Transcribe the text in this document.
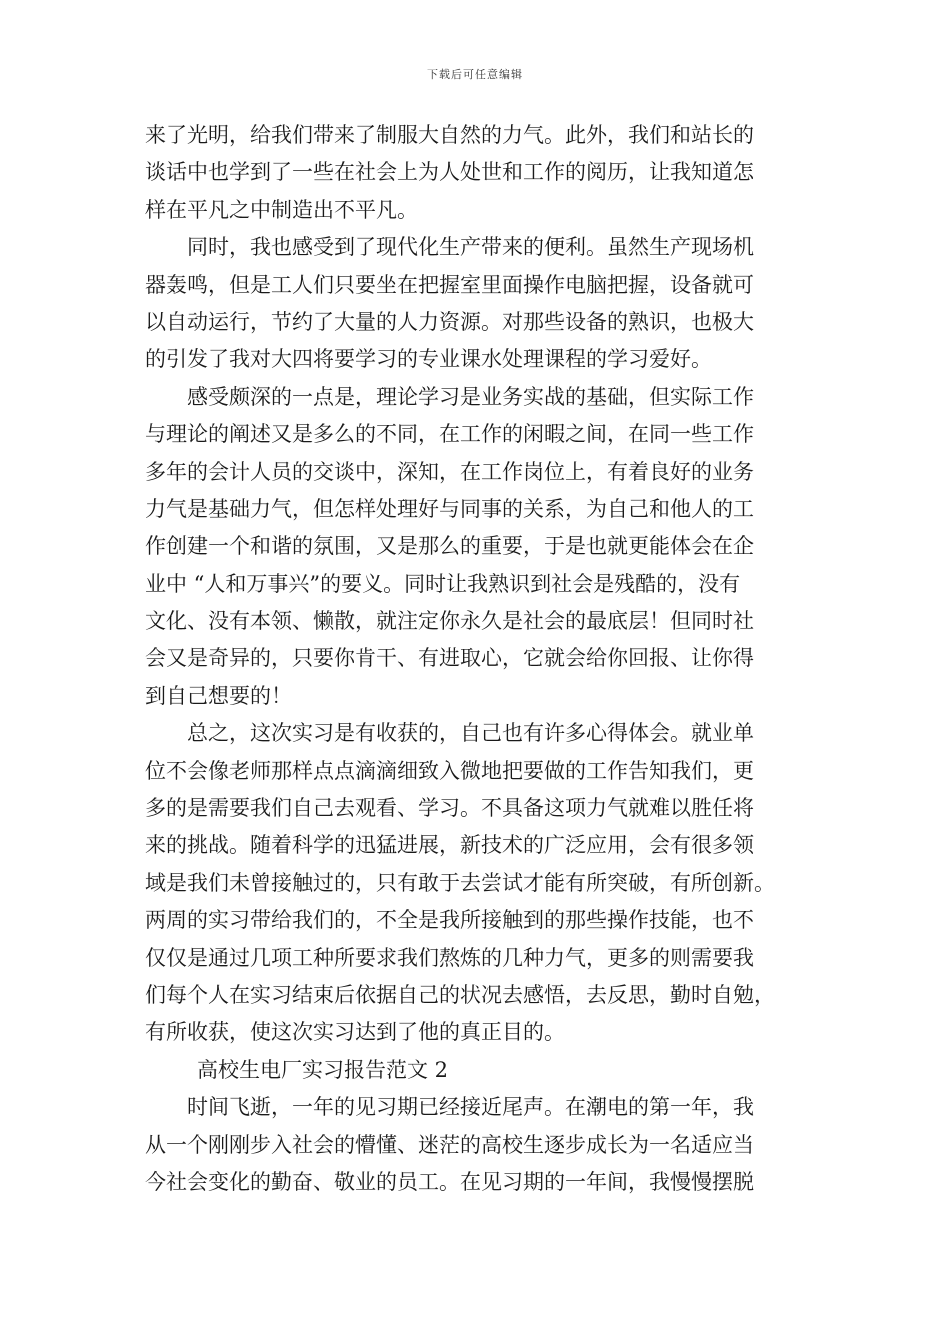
下载后可任意编辑
来了光明，给我们带来了制服大自然的力气。此外，我们和站长的
谈话中也学到了一些在社会上为人处世和工作的阅历，让我知道怎
样在平凡之中制造出不平凡。
同时，我也感受到了现代化生产带来的便利。虽然生产现场机
器轰鸣，但是工人们只要坐在把握室里面操作电脑把握，设备就可
以自动运行，节约了大量的人力资源。对那些设备的熟识，也极大
的引发了我对大四将要学习的专业课水处理课程的学习爱好。
感受颇深的一点是，理论学习是业务实战的基础，但实际工作
与理论的阐述又是多么的不同，在工作的闲暇之间，在同一些工作
多年的会计人员的交谈中，深知，在工作岗位上，有着良好的业务
力气是基础力气，但怎样处理好与同事的关系，为自己和他人的工
作创建一个和谐的氛围，又是那么的重要，于是也就更能体会在企
业中 “人和万事兴”的要义。同时让我熟识到社会是残酷的，没有
文化、没有本领、懒散，就注定你永久是社会的最底层！但同时社
会又是奇异的，只要你肯干、有进取心，它就会给你回报、让你得
到自己想要的！
总之，这次实习是有收获的，自己也有许多心得体会。就业单
位不会像老师那样点点滴滴细致入微地把要做的工作告知我们，更
多的是需要我们自己去观看、学习。不具备这项力气就难以胜任将
来的挑战。随着科学的迅猛进展，新技术的广泛应用，会有很多领
域是我们未曾接触过的，只有敢于去尝试才能有所突破，有所创新。
两周的实习带给我们的，不全是我所接触到的那些操作技能，也不
仅仅是通过几项工种所要求我们熬炼的几种力气，更多的则需要我
们每个人在实习结束后依据自己的状况去感悟，去反思，勤时自勉，
有所收获，使这次实习达到了他的真正目的。
高校生电厂实习报告范文 2
时间飞逝，一年的见习期已经接近尾声。在潮电的第一年，我
从一个刚刚步入社会的懵懂、迷茫的高校生逐步成长为一名适应当
今社会变化的勤奋、敬业的员工。在见习期的一年间，我慢慢摆脱
